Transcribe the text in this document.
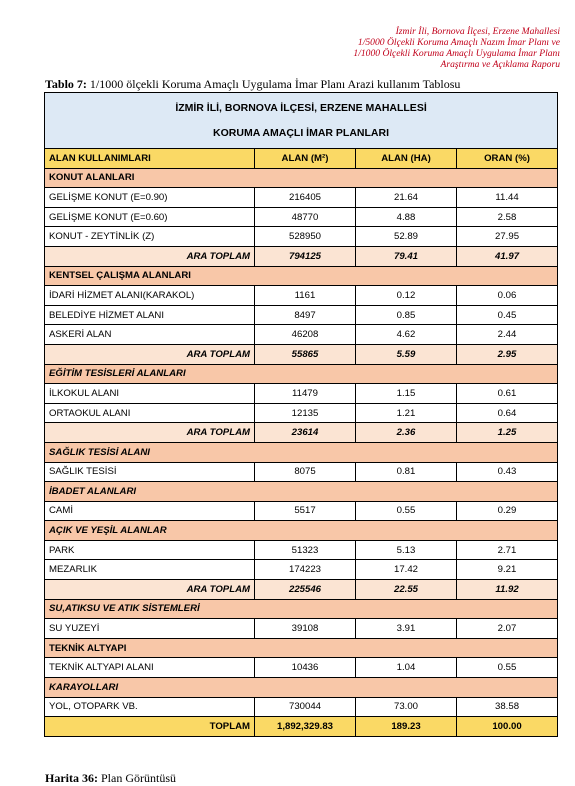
İzmir İli, Bornova İlçesi, Erzene Mahallesi
1/5000 Ölçekli Koruma Amaçlı Nazım İmar Planı ve
1/1000 Ölçekli Koruma Amaçlı Uygulama İmar Planı
Araştırma ve Açıklama Raporu
Tablo 7: 1/1000 ölçekli Koruma Amaçlı Uygulama İmar Planı Arazi kullanım Tablosu
İZMİR İLİ, BORNOVA İLÇESİ, ERZENE MAHALLESİ
KORUMA AMAÇLI İMAR PLANLARI			

ALAN KULLANIMLARI	ALAN (M²)	ALAN (HA)	ORAN (%)
KONUT ALANLARI			
GELİŞME KONUT (E=0.90)	216405	21.64	11.44
GELİŞME KONUT (E=0.60)	48770	4.88	2.58
KONUT - ZEYTİNLİK (Z)	528950	52.89	27.95
ARA TOPLAM	794125	79.41	41.97
KENTSEL ÇALIŞMA ALANLARI			
İDARİ HİZMET ALANI(KARAKOL)	1161	0.12	0.06
BELEDİYE HİZMET ALANI	8497	0.85	0.45
ASKERİ ALAN	46208	4.62	2.44
ARA TOPLAM	55865	5.59	2.95
EĞİTİM TESİSLERİ ALANLARI			
İLKOKUL ALANI	11479	1.15	0.61
ORTAOKUL ALANI	12135	1.21	0.64
ARA TOPLAM	23614	2.36	1.25
SAĞLIK TESİSİ ALANI			
SAĞLIK TESİSİ	8075	0.81	0.43
İBADET ALANLARI			
CAMİ	5517	0.55	0.29
AÇIK VE YEŞİL ALANLAR			
PARK	51323	5.13	2.71
MEZARLIK	174223	17.42	9.21
ARA TOPLAM	225546	22.55	11.92
SU,ATIKSU VE ATIK SİSTEMLERİ			
SU YUZEYİ	39108	3.91	2.07
TEKNİK ALTYAPI			
TEKNİK ALTYAPI ALANI	10436	1.04	0.55
KARAYOLLARI			
YOL, OTOPARK VB.	730044	73.00	38.58
TOPLAM	1,892,329.83	189.23	100.00
Harita 36: Plan Görüntüsü
